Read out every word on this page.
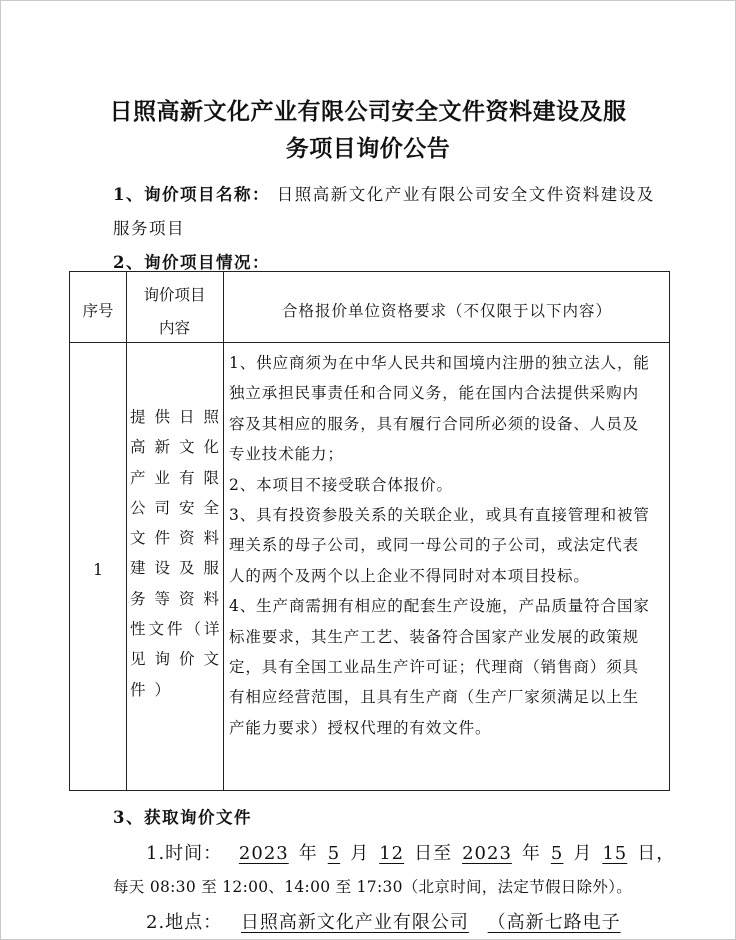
日照高新文化产业有限公司安全文件资料建设及服
务项目询价公告
1、询价项目名称： 日照高新文化产业有限公司安全文件资料建设及
服务项目
2、询价项目情况：
序号
询价项目
内容
合格报价单位资格要求（不仅限于以下内容）
1
提供日照
高新文化
产业有限
公司安全
文件资料
建设及服
务等资料
性文件（详
见询价文
件）
1、供应商须为在中华人民共和国境内注册的独立法人，能
独立承担民事责任和合同义务，能在国内合法提供采购内
容及其相应的服务，具有履行合同所必须的设备、人员及
专业技术能力；
2、本项目不接受联合体报价。
3、具有投资参股关系的关联企业，或具有直接管理和被管
理关系的母子公司，或同一母公司的子公司，或法定代表
人的两个及两个以上企业不得同时对本项目投标。
4、生产商需拥有相应的配套生产设施，产品质量符合国家
标准要求，其生产工艺、装备符合国家产业发展的政策规
定，具有全国工业品生产许可证；代理商（销售商）须具
有相应经营范围，且具有生产商（生产厂家须满足以上生
产能力要求）授权代理的有效文件。
3、获取询价文件
1.时间： 2023 年 5 月 12 日至 2023 年 5 月 15 日，
每天 08:30 至 12:00、14:00 至 17:30（北京时间，法定节假日除外）。
2.地点： 日照高新文化产业有限公司 （高新七路电子
